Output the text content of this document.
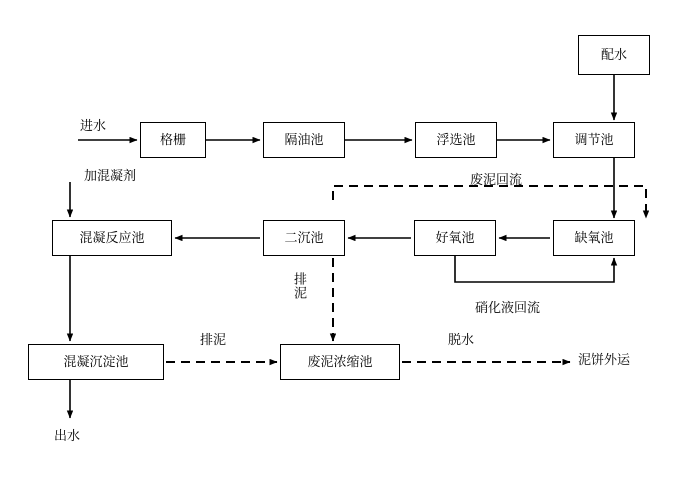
配水
格栅	隔油池	浮选池	调节池
缺氧池
好氧池
二沉池
混凝反应池
混凝沉淀池	废泥浓缩池
进水
加混凝剂	废泥回流
硝化液回流
排泥
排泥	脱水
泥饼外运
出水
